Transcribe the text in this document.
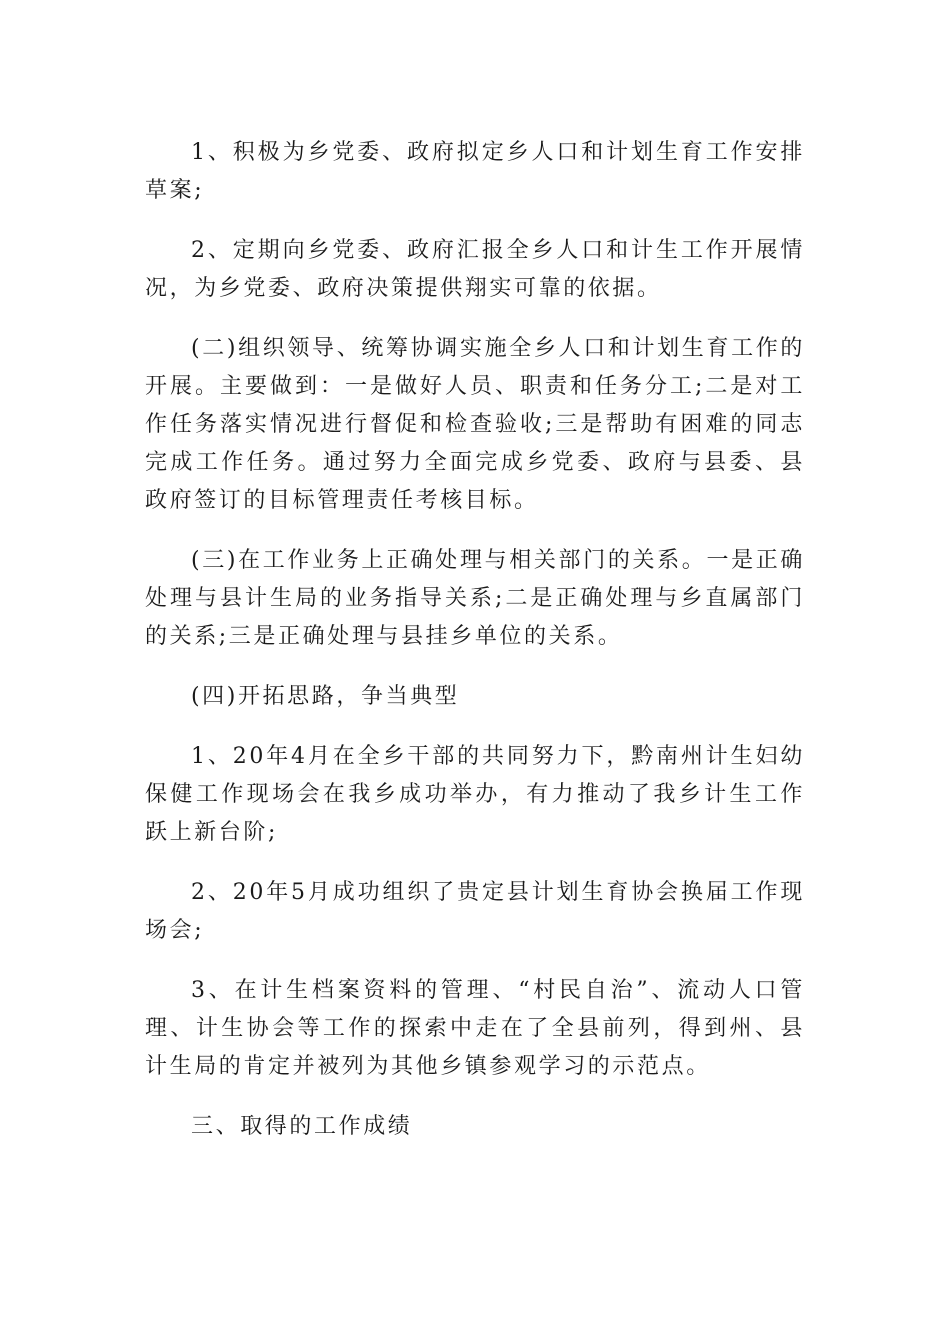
1、积极为乡党委、政府拟定乡人口和计划生育工作安排草案;

2、定期向乡党委、政府汇报全乡人口和计生工作开展情况，为乡党委、政府决策提供翔实可靠的依据。

(二)组织领导、统筹协调实施全乡人口和计划生育工作的开展。主要做到：一是做好人员、职责和任务分工;二是对工作任务落实情况进行督促和检查验收;三是帮助有困难的同志完成工作任务。通过努力全面完成乡党委、政府与县委、县政府签订的目标管理责任考核目标。

(三)在工作业务上正确处理与相关部门的关系。一是正确处理与县计生局的业务指导关系;二是正确处理与乡直属部门的关系;三是正确处理与县挂乡单位的关系。

(四)开拓思路，争当典型

1、20年4月在全乡干部的共同努力下，黔南州计生妇幼保健工作现场会在我乡成功举办，有力推动了我乡计生工作跃上新台阶;

2、20年5月成功组织了贵定县计划生育协会换届工作现场会;

3、在计生档案资料的管理、“村民自治”、流动人口管理、计生协会等工作的探索中走在了全县前列，得到州、县计生局的肯定并被列为其他乡镇参观学习的示范点。

三、取得的工作成绩
